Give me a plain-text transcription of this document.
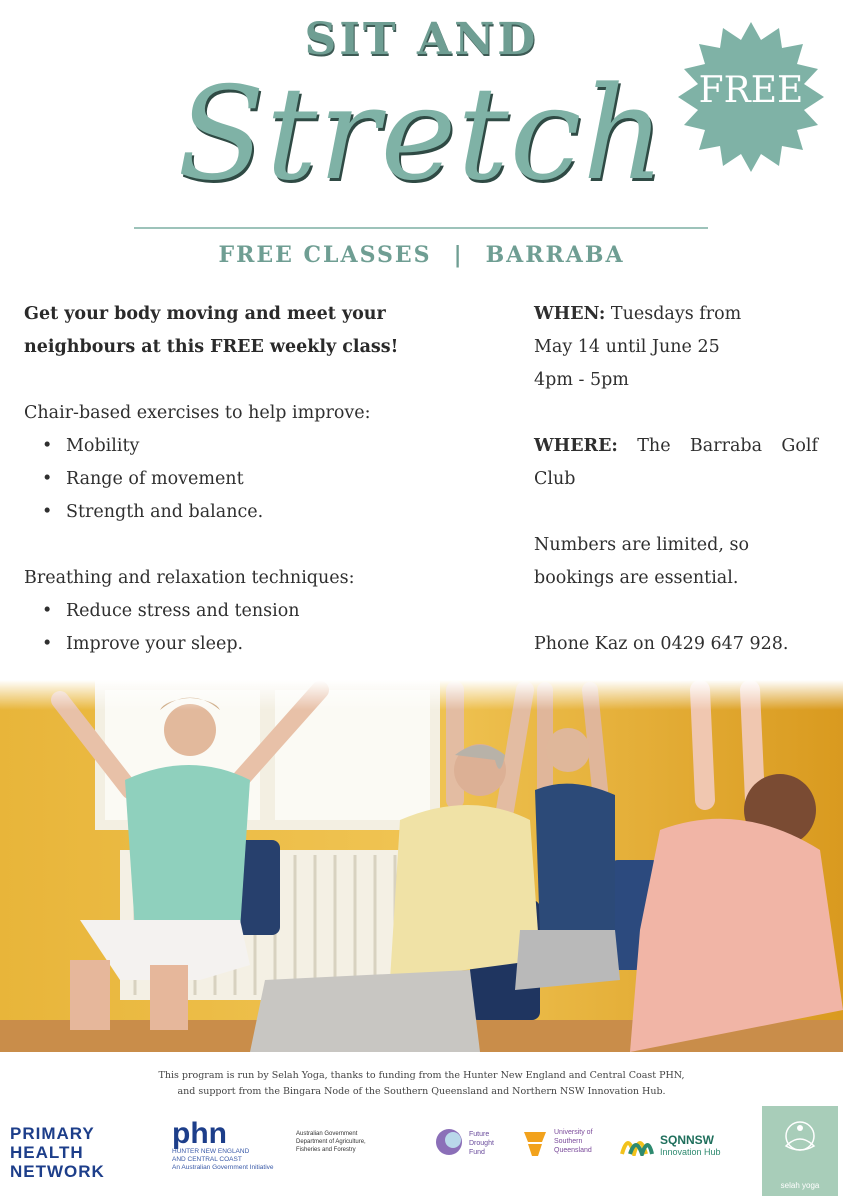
SIT AND
Stretch FREE
FREE CLASSES | BARRABA
Get your body moving and meet your
neighbours at this FREE weekly class!
Chair-based exercises to help improve:
• Mobility
• Range of movement
• Strength and balance.
Breathing and relaxation techniques:
• Reduce stress and tension
• Improve your sleep.
WHEN: Tuesdays from
May 14 until June 25
4pm - 5pm
WHERE: The Barraba Golf Club
Numbers are limited, so
bookings are essential.
Phone Kaz on 0429 647 928.
This program is run by Selah Yoga, thanks to funding from the Hunter New England and Central Coast PHN,
and support from the Bingara Node of the Southern Queensland and Northern NSW Innovation Hub.
PRIMARY
HEALTH
NETWORK
phn
HUNTER NEW ENGLAND
AND CENTRAL COAST
An Australian Government Initiative
Australian Government
Department of Agriculture,
Fisheries and Forestry
Future
Drought
Fund
University of
Southern
Queensland
SQNNSW
Innovation Hub
selah yoga
